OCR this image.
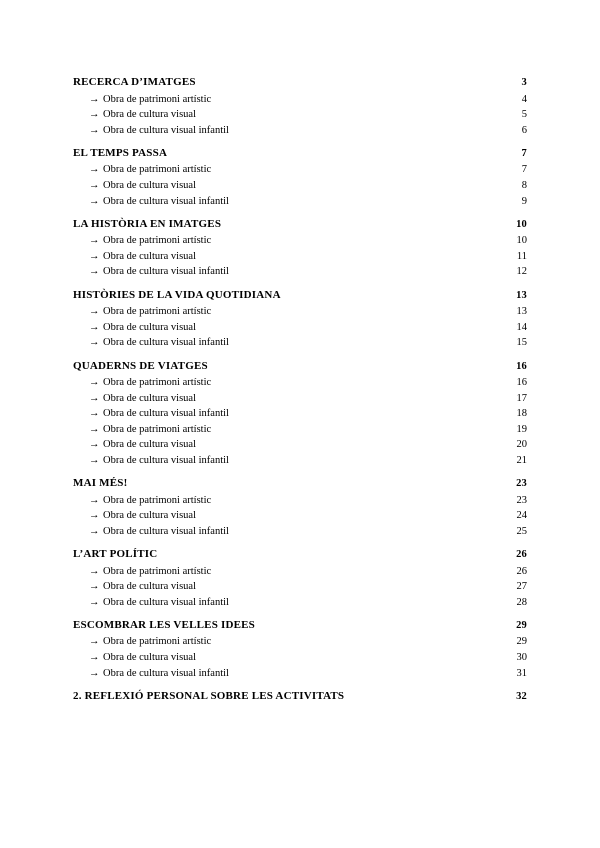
RECERCA D’IMATGES	3
→ Obra de patrimoni artístic	4
→ Obra de cultura visual	5
→ Obra de cultura visual infantil	6
EL TEMPS PASSA	7
→ Obra de patrimoni artístic	7
→ Obra de cultura visual	8
→ Obra de cultura visual infantil	9
LA HISTÒRIA EN IMATGES	10
→ Obra de patrimoni artístic	10
→ Obra de cultura visual	11
→ Obra de cultura visual infantil	12
HISTÒRIES DE LA VIDA QUOTIDIANA	13
→ Obra de patrimoni artístic	13
→ Obra de cultura visual	14
→ Obra de cultura visual infantil	15
QUADERNS DE VIATGES	16
→ Obra de patrimoni artístic	16
→ Obra de cultura visual	17
→ Obra de cultura visual infantil	18
→ Obra de patrimoni artístic	19
→ Obra de cultura visual	20
→ Obra de cultura visual infantil	21
MAI MÉS!	23
→ Obra de patrimoni artístic	23
→ Obra de cultura visual	24
→ Obra de cultura visual infantil	25
L’ART POLÍTIC	26
→ Obra de patrimoni artístic	26
→ Obra de cultura visual	27
→ Obra de cultura visual infantil	28
ESCOMBRAR LES VELLES IDEES	29
→ Obra de patrimoni artístic	29
→ Obra de cultura visual	30
→ Obra de cultura visual infantil	31
2. REFLEXIÓ PERSONAL SOBRE LES ACTIVITATS	32
